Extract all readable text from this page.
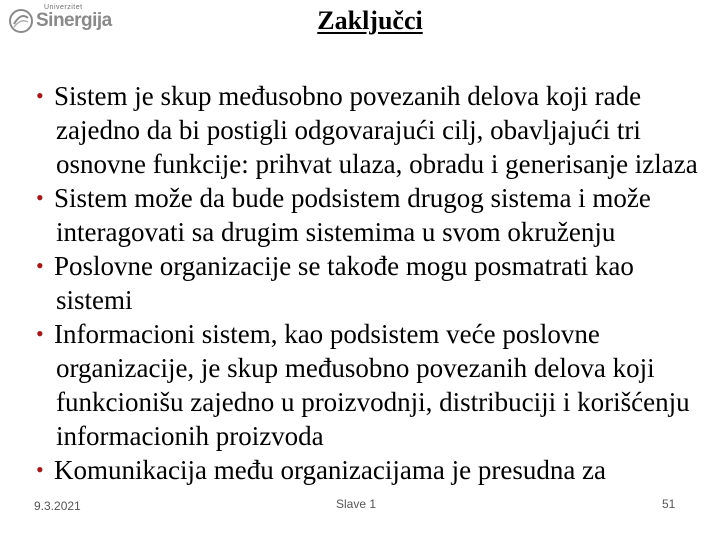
Univerzitet
Sinergija	Zaključci
• Sistem je skup međusobno povezanih delova koji rade zajedno da bi postigli odgovarajući cilj, obavljajući tri osnovne funkcije: prihvat ulaza, obradu i generisanje izlaza
• Sistem može da bude podsistem drugog sistema i može interagovati sa drugim sistemima u svom okruženju
• Poslovne organizacije se takođe mogu posmatrati kao sistemi
• Informacioni sistem, kao podsistem veće poslovne organizacije, je skup međusobno povezanih delova koji funkcionišu zajedno u proizvodnji, distribuciji i korišćenju informacionih proizvoda
• Komunikacija među organizacijama je presudna za
9.3.2021	Slave 1	51
